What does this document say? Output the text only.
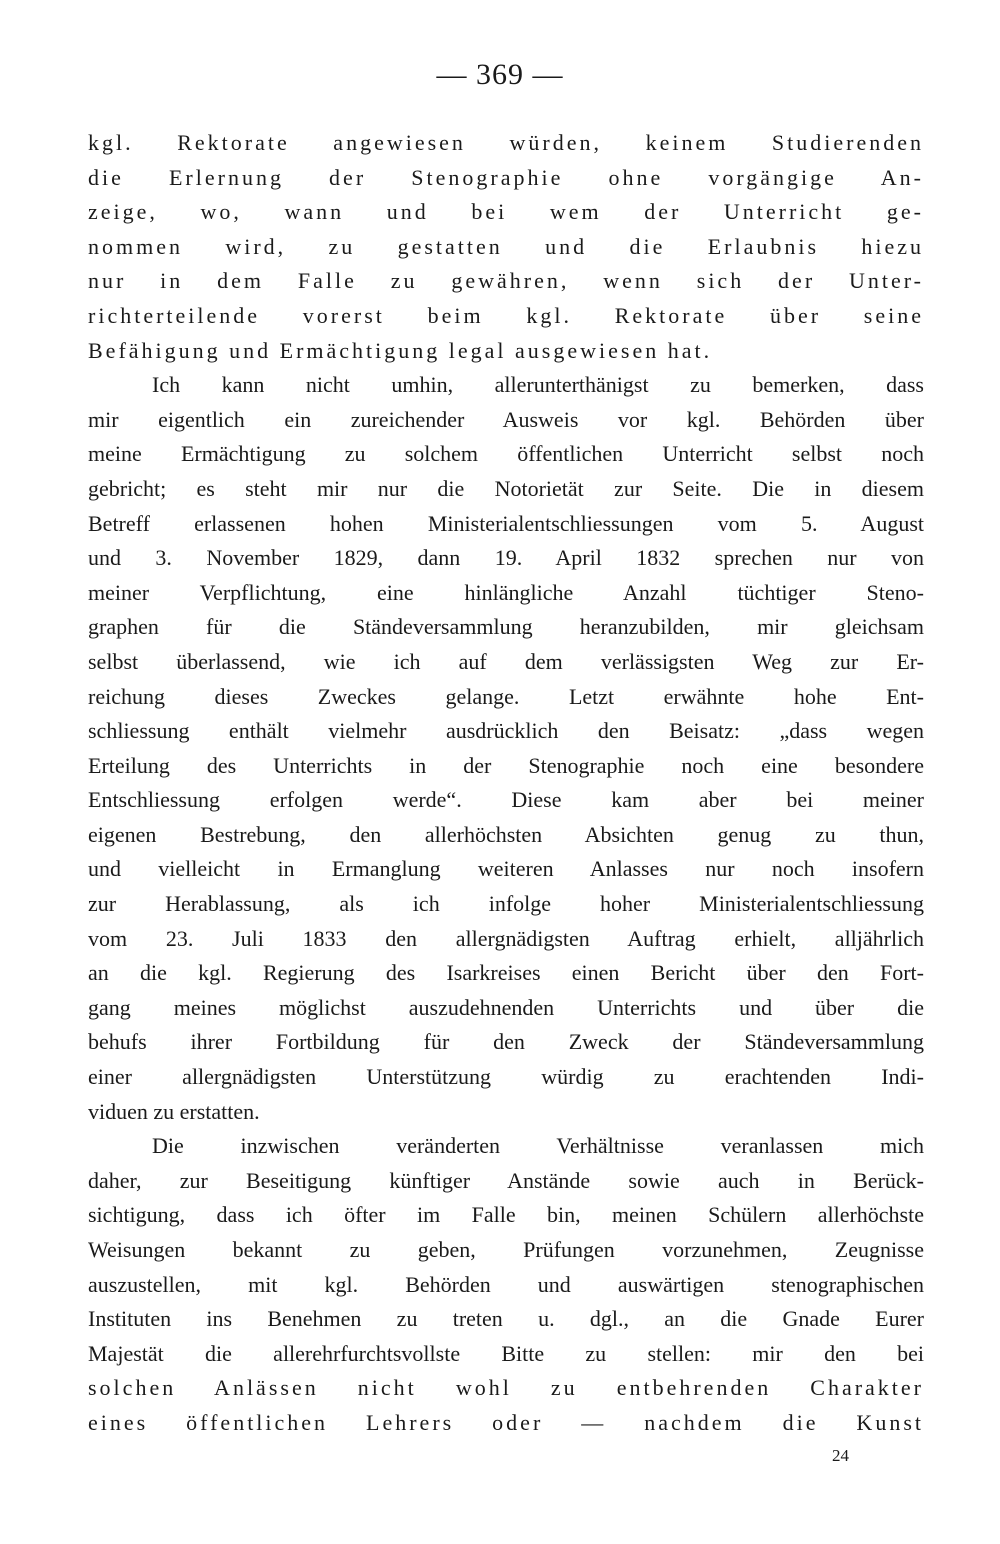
— 369 —
kgl. Rektorate angewiesen würden, keinem Studierenden
die Erlernung der Stenographie ohne vorgängige An-
zeige, wo, wann und bei wem der Unterricht ge-
nommen wird, zu gestatten und die Erlaubnis hiezu
nur in dem Falle zu gewähren, wenn sich der Unter-
richterteilende vorerst beim kgl. Rektorate über seine
Befähigung und Ermächtigung legal ausgewiesen hat.
Ich kann nicht umhin, allerunterthänigst zu bemerken, dass
mir eigentlich ein zureichender Ausweis vor kgl. Behörden über
meine Ermächtigung zu solchem öffentlichen Unterricht selbst noch
gebricht; es steht mir nur die Notorietät zur Seite. Die in diesem
Betreff erlassenen hohen Ministerialentschliessungen vom 5. August
und 3. November 1829, dann 19. April 1832 sprechen nur von
meiner Verpflichtung, eine hinlängliche Anzahl tüchtiger Steno-
graphen für die Ständeversammlung heranzubilden, mir gleichsam
selbst überlassend, wie ich auf dem verlässigsten Weg zur Er-
reichung dieses Zweckes gelange. Letzt erwähnte hohe Ent-
schliessung enthält vielmehr ausdrücklich den Beisatz: „dass wegen
Erteilung des Unterrichts in der Stenographie noch eine besondere
Entschliessung erfolgen werde“. Diese kam aber bei meiner
eigenen Bestrebung, den allerhöchsten Absichten genug zu thun,
und vielleicht in Ermanglung weiteren Anlasses nur noch insofern
zur Herablassung, als ich infolge hoher Ministerialentschliessung
vom 23. Juli 1833 den allergnädigsten Auftrag erhielt, alljährlich
an die kgl. Regierung des Isarkreises einen Bericht über den Fort-
gang meines möglichst auszudehnenden Unterrichts und über die
behufs ihrer Fortbildung für den Zweck der Ständeversammlung
einer allergnädigsten Unterstützung würdig zu erachtenden Indi-
viduen zu erstatten.
Die inzwischen veränderten Verhältnisse veranlassen mich
daher, zur Beseitigung künftiger Anstände sowie auch in Berück-
sichtigung, dass ich öfter im Falle bin, meinen Schülern allerhöchste
Weisungen bekannt zu geben, Prüfungen vorzunehmen, Zeugnisse
auszustellen, mit kgl. Behörden und auswärtigen stenographischen
Instituten ins Benehmen zu treten u. dgl., an die Gnade Eurer
Majestät die allerehrfurchtsvollste Bitte zu stellen: mir den bei
solchen Anlässen nicht wohl zu entbehrenden Charakter
eines öffentlichen Lehrers oder — nachdem die Kunst
24
